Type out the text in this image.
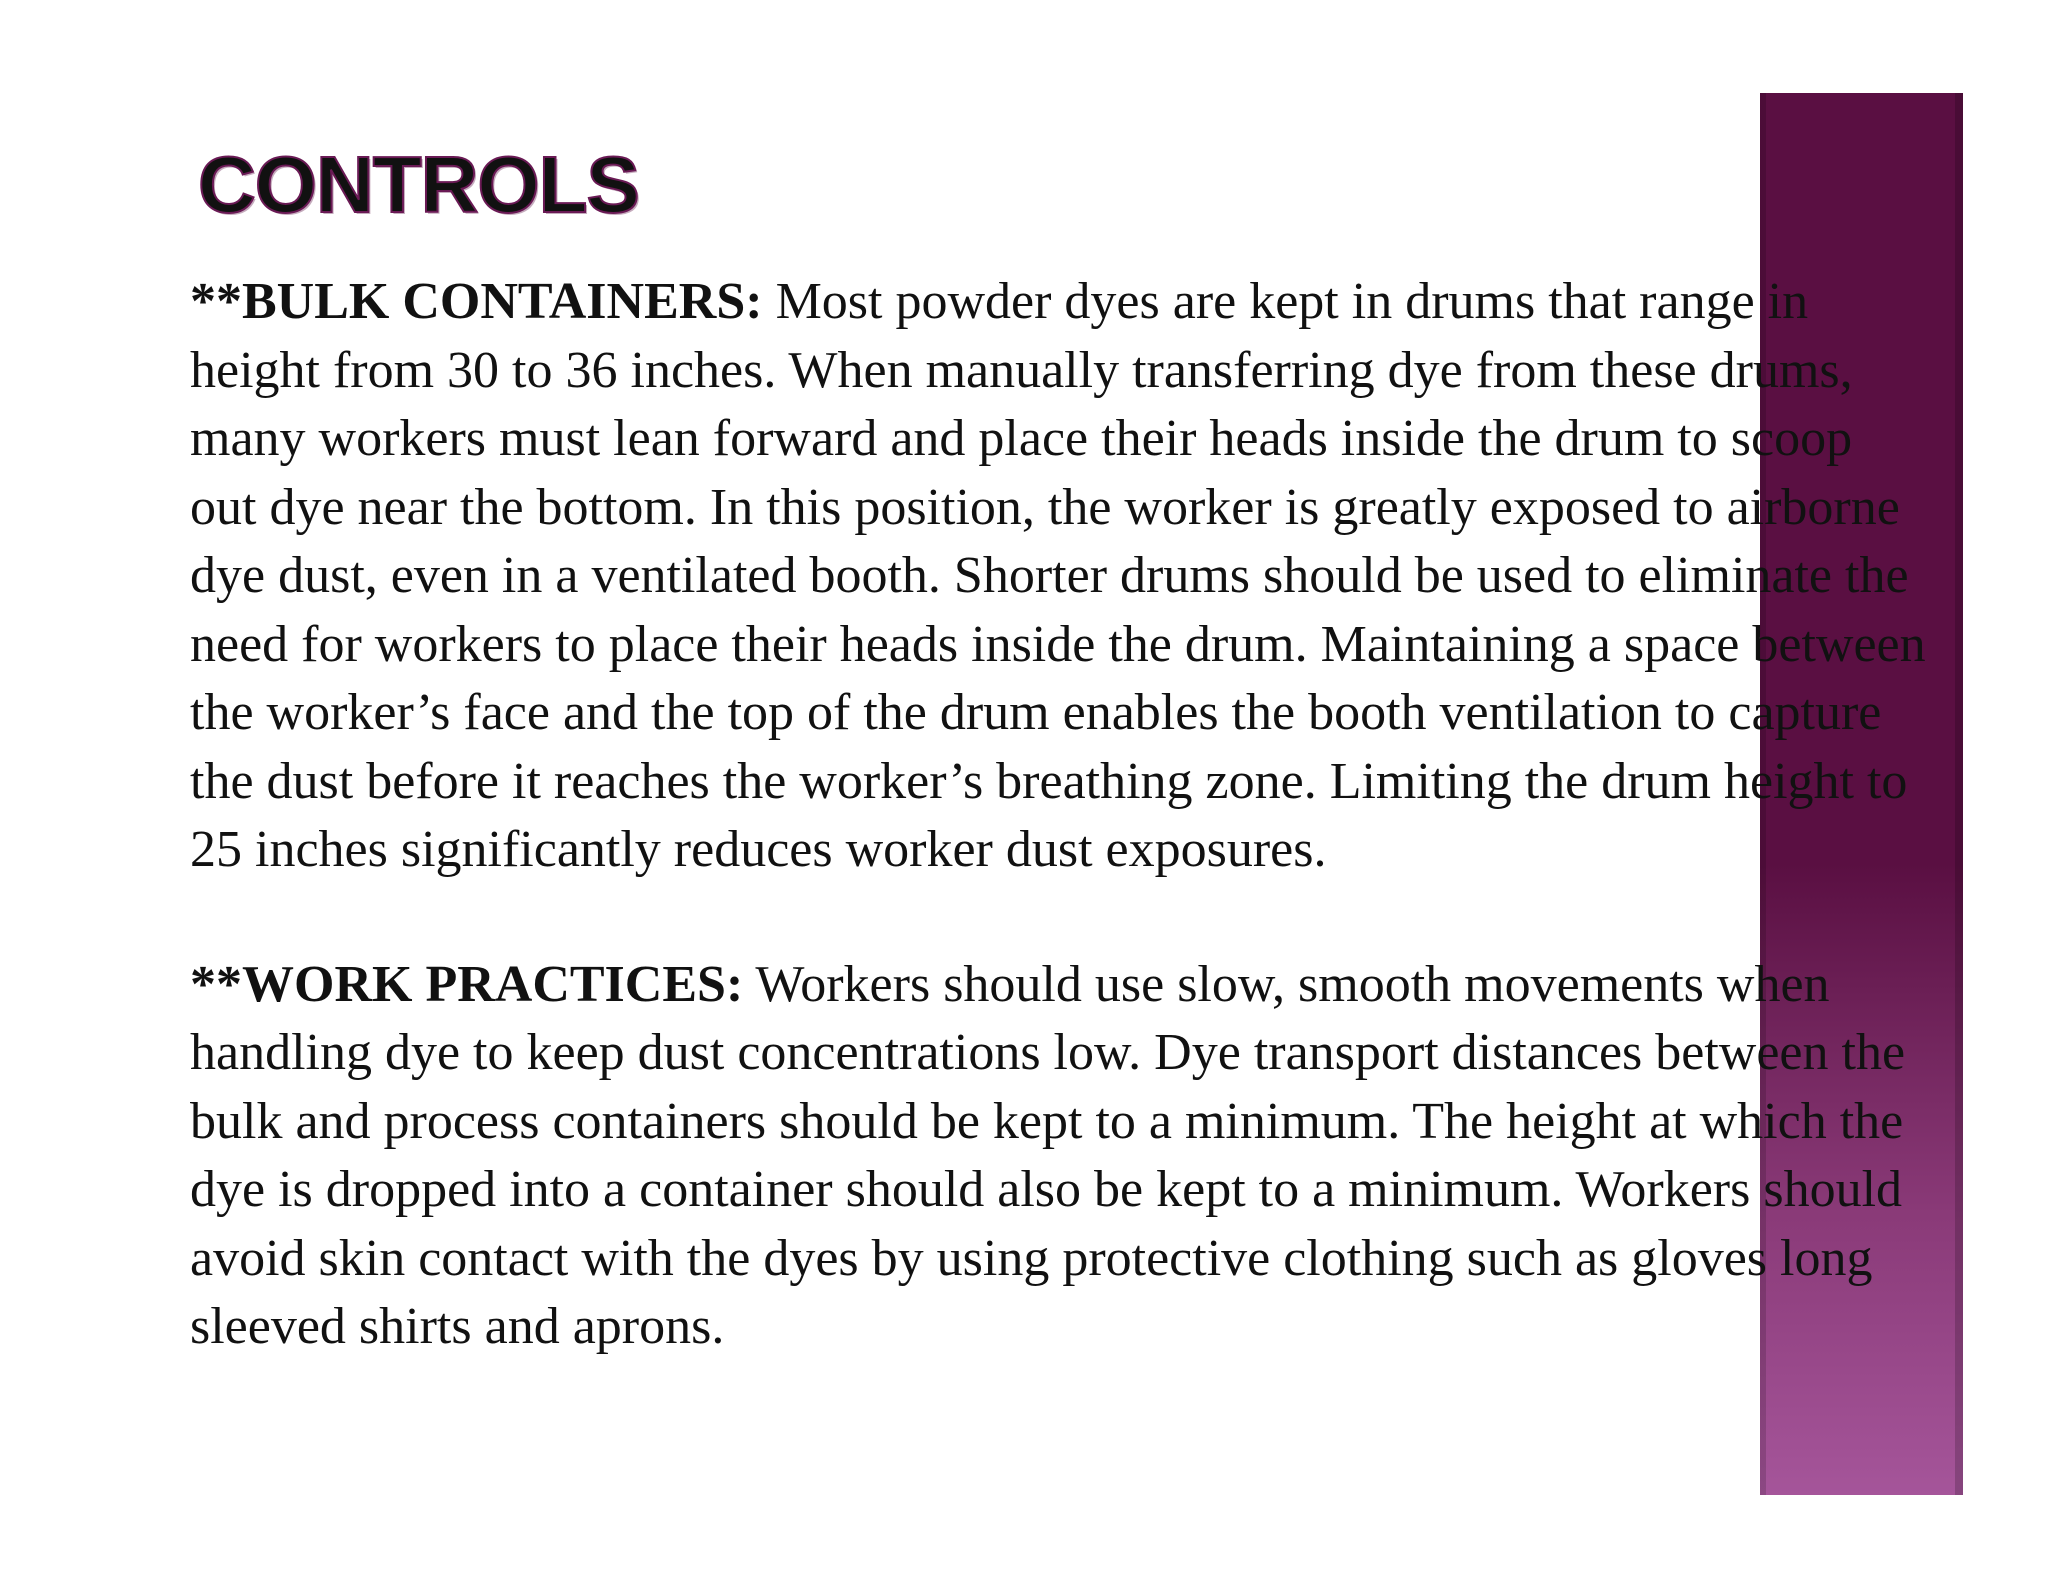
CONTROLS

**BULK CONTAINERS: Most powder dyes are kept in drums that range in height from 30 to 36 inches. When manually transferring dye from these drums, many workers must lean forward and place their heads inside the drum to scoop out dye near the bottom. In this position, the worker is greatly exposed to airborne dye dust, even in a ventilated booth. Shorter drums should be used to eliminate the need for workers to place their heads inside the drum. Maintaining a space between the worker’s face and the top of the drum enables the booth ventilation to capture the dust before it reaches the worker’s breathing zone. Limiting the drum height to 25 inches significantly reduces worker dust exposures.

**WORK PRACTICES: Workers should use slow, smooth movements when handling dye to keep dust concentrations low. Dye transport distances between the bulk and process containers should be kept to a minimum. The height at which the dye is dropped into a container should also be kept to a minimum. Workers should avoid skin contact with the dyes by using protective clothing such as gloves long sleeved shirts and aprons.
